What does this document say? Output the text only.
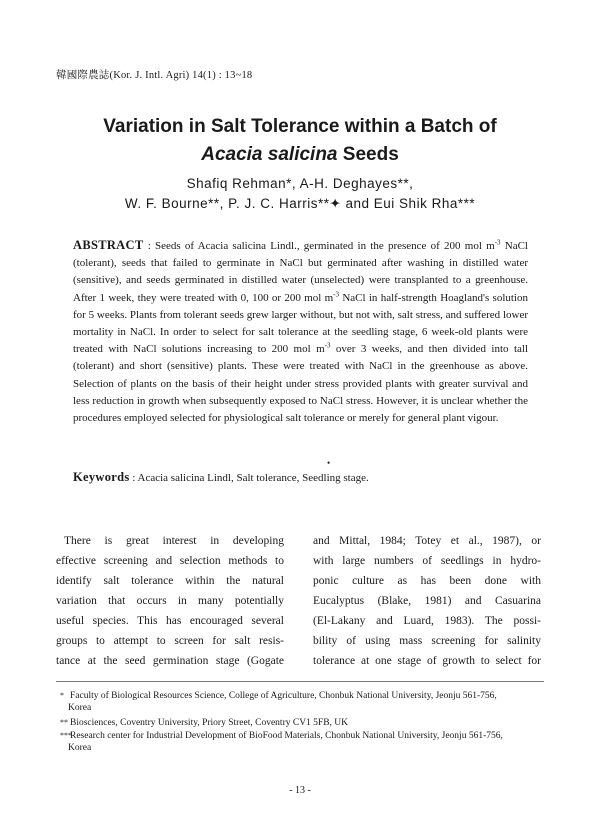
韓國際農誌(Kor. J. Intl. Agri) 14(1) : 13~18
Variation in Salt Tolerance within a Batch of
Acacia salicina Seeds
Shafiq Rehman*, A-H. Deghayes**,
W. F. Bourne**, P. J. C. Harris**✦ and Eui Shik Rha***
ABSTRACT : Seeds of Acacia salicina Lindl., germinated in the presence of 200 mol $m^{-3}$ NaCl (tolerant), seeds that failed to germinate in NaCl but germinated after washing in distilled water (sensitive), and seeds germinated in distilled water (unselected) were transplanted to a greenhouse. After 1 week, they were treated with 0, 100 or 200 mol $m^{-3}$ NaCl in half-strength Hoagland's solution for 5 weeks. Plants from tolerant seeds grew larger without, but not with, salt stress, and suffered lower mortality in NaCl. In order to select for salt tolerance at the seedling stage, 6 week-old plants were treated with NaCl solutions increasing to 200 mol $m^{-3}$ over 3 weeks, and then divided into tall (tolerant) and short (sensitive) plants. These were treated with NaCl in the greenhouse as above. Selection of plants on the basis of their height under stress provided plants with greater survival and less reduction in growth when subsequently exposed to NaCl stress. However, it is unclear whether the procedures employed selected for physiological salt tolerance or merely for general plant vigour.
•
Keywords : Acacia salicina Lindl, Salt tolerance, Seedling stage.
There is great interest in developing
effective screening and selection methods to
identify salt tolerance within the natural
variation that occurs in many potentially
useful species. This has encouraged several
groups to attempt to screen for salt resis-
tance at the seed germination stage (Gogate
and Mittal, 1984; Totey et al., 1987), or
with large numbers of seedlings in hydro-
ponic culture as has been done with
Eucalyptus (Blake, 1981) and Casuarina
(El-Lakany and Luard, 1983). The possi-
bility of using mass screening for salinity
tolerance at one stage of growth to select for
* Faculty of Biological Resources Science, College of Agriculture, Chonbuk National University, Jeonju 561-756,
Korea
** Biosciences, Coventry University, Priory Street, Coventry CV1 5FB, UK
***Research center for Industrial Development of BioFood Materials, Chonbuk National University, Jeonju 561-756,
Korea
- 13 -
